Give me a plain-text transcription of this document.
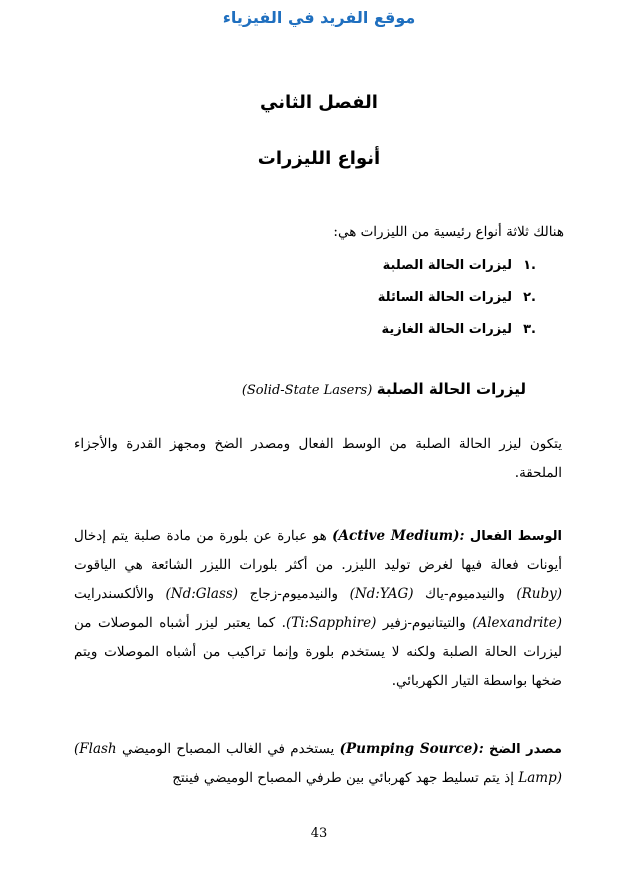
موقع الفريد في الفيزياء
الفصل الثاني
أنواع الليزرات
هنالك ثلاثة أنواع رئيسية من الليزرات هي:
.١
ليزرات الحالة الصلبة
.٢
ليزرات الحالة السائلة
.٣
ليزرات الحالة الغازية
ليزرات الحالة الصلبة (Solid-State Lasers)

يتكون ليزر الحالة الصلبة من الوسط الفعال ومصدر الضخ ومجهز القدرة والأجزاء الملحقة.

الوسط الفعال (Active Medium): هو عبارة عن بلورة من مادة صلبة يتم إدخال أيونات فعالة فيها لغرض توليد الليزر. من أكثر بلورات الليزر الشائعة هي الياقوت (Ruby) والنيدميوم-ياك (Nd:YAG) والنيدميوم-زجاج (Nd:Glass) والألكسندرايت (Alexandrite) والتيتانيوم-زفير (Ti:Sapphire). كما يعتبر ليزر أشباه الموصلات من ليزرات الحالة الصلبة ولكنه لا يستخدم بلورة وإنما تراكيب من أشباه الموصلات ويتم ضخها بواسطة التيار الكهربائي.

مصدر الضخ (Pumping Source): يستخدم في الغالب المصباح الوميضي (Flash Lamp) إذ يتم تسليط جهد كهربائي بين طرفي المصباح الوميضي فينتج

43
